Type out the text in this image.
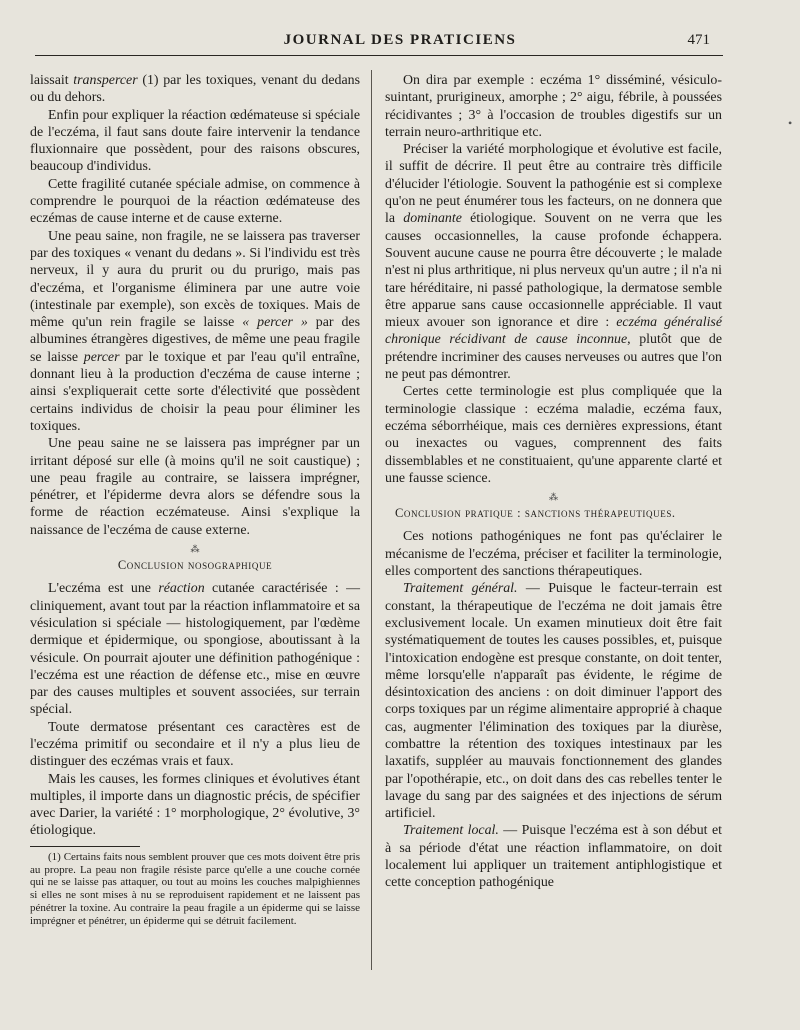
JOURNAL DES PRATICIENS	471
•

laissait transpercer (1) par les toxiques, venant du dedans ou du dehors.

Enfin pour expliquer la réaction œdémateuse si spéciale de l'eczéma, il faut sans doute faire intervenir la tendance fluxionnaire que possèdent, pour des raisons obscures, beaucoup d'individus.

Cette fragilité cutanée spéciale admise, on commence à comprendre le pourquoi de la réaction œdémateuse des eczémas de cause interne et de cause externe.

Une peau saine, non fragile, ne se laissera pas traverser par des toxiques « venant du dedans ». Si l'individu est très nerveux, il y aura du prurit ou du prurigo, mais pas d'eczéma, et l'organisme éliminera par une autre voie (intestinale par exemple), son excès de toxiques. Mais de même qu'un rein fragile se laisse « percer » par des albumines étrangères digestives, de même une peau fragile se laisse percer par le toxique et par l'eau qu'il entraîne, donnant lieu à la production d'eczéma de cause interne ; ainsi s'expliquerait cette sorte d'électivité que possèdent certains individus de choisir la peau pour éliminer les toxiques.

Une peau saine ne se laissera pas imprégner par un irritant déposé sur elle (à moins qu'il ne soit caustique) ; une peau fragile au contraire, se laissera imprégner, pénétrer, et l'épiderme devra alors se défendre sous la forme de réaction eczémateuse. Ainsi s'explique la naissance de l'eczéma de cause externe.

⁂
Conclusion nosographique

L'eczéma est une réaction cutanée caractérisée : — cliniquement, avant tout par la réaction inflammatoire et sa vésiculation si spéciale — histologiquement, par l'œdème dermique et épidermique, ou spongiose, aboutissant à la vésicule. On pourrait ajouter une définition pathogénique : l'eczéma est une réaction de défense etc., mise en œuvre par des causes multiples et souvent associées, sur terrain spécial.

Toute dermatose présentant ces caractères est de l'eczéma primitif ou secondaire et il n'y a plus lieu de distinguer des eczémas vrais et faux.

Mais les causes, les formes cliniques et évolutives étant multiples, il importe dans un diagnostic précis, de spécifier avec Darier, la variété : 1° morphologique, 2° évolutive, 3° étiologique.

(1) Certains faits nous semblent prouver que ces mots doivent être pris au propre. La peau non fragile résiste parce qu'elle a une couche cornée qui ne se laisse pas attaquer, ou tout au moins les couches malpighiennes si elles ne sont mises à nu se reproduisent rapidement et ne laissent pas pénétrer la toxine. Au contraire la peau fragile a un épiderme qui se laisse imprégner et pénétrer, un épiderme qui se détruit facilement.

On dira par exemple : eczéma 1° disséminé, vésiculo-suintant, prurigineux, amorphe ; 2° aigu, fébrile, à poussées récidivantes ; 3° à l'occasion de troubles digestifs sur un terrain neuro-arthritique etc.

Préciser la variété morphologique et évolutive est facile, il suffit de décrire. Il peut être au contraire très difficile d'élucider l'étiologie. Souvent la pathogénie est si complexe qu'on ne peut énumérer tous les facteurs, on ne donnera que la dominante étiologique. Souvent on ne verra que les causes occasionnelles, la cause profonde échappera. Souvent aucune cause ne pourra être découverte ; le malade n'est ni plus arthritique, ni plus nerveux qu'un autre ; il n'a ni tare héréditaire, ni passé pathologique, la dermatose semble être apparue sans cause occasionnelle appréciable. Il vaut mieux avouer son ignorance et dire : eczéma généralisé chronique récidivant de cause inconnue, plutôt que de prétendre incriminer des causes nerveuses ou autres que l'on ne peut pas démontrer.

Certes cette terminologie est plus compliquée que la terminologie classique : eczéma maladie, eczéma faux, eczéma séborrhéique, mais ces dernières expressions, étant ou inexactes ou vagues, comprennent des faits dissemblables et ne constituaient, qu'une apparente clarté et une fausse science.

⁂
Conclusion pratique : sanctions thérapeutiques.

Ces notions pathogéniques ne font pas qu'éclairer le mécanisme de l'eczéma, préciser et faciliter la terminologie, elles comportent des sanctions thérapeutiques.

Traitement général. — Puisque le facteur-terrain est constant, la thérapeutique de l'eczéma ne doit jamais être exclusivement locale. Un examen minutieux doit être fait systématiquement de toutes les causes possibles, et, puisque l'intoxication endogène est presque constante, on doit tenter, même lorsqu'elle n'apparaît pas évidente, le régime de désintoxication des anciens : on doit diminuer l'apport des corps toxiques par un régime alimentaire approprié à chaque cas, augmenter l'élimination des toxiques par la diurèse, combattre la rétention des toxiques intestinaux par les laxatifs, suppléer au mauvais fonctionnement des glandes par l'opothérapie, etc., on doit dans des cas rebelles tenter le lavage du sang par des saignées et des injections de sérum artificiel.

Traitement local. — Puisque l'eczéma est à son début et à sa période d'état une réaction inflammatoire, on doit localement lui appliquer un traitement antiphlogistique et cette conception pathogénique
